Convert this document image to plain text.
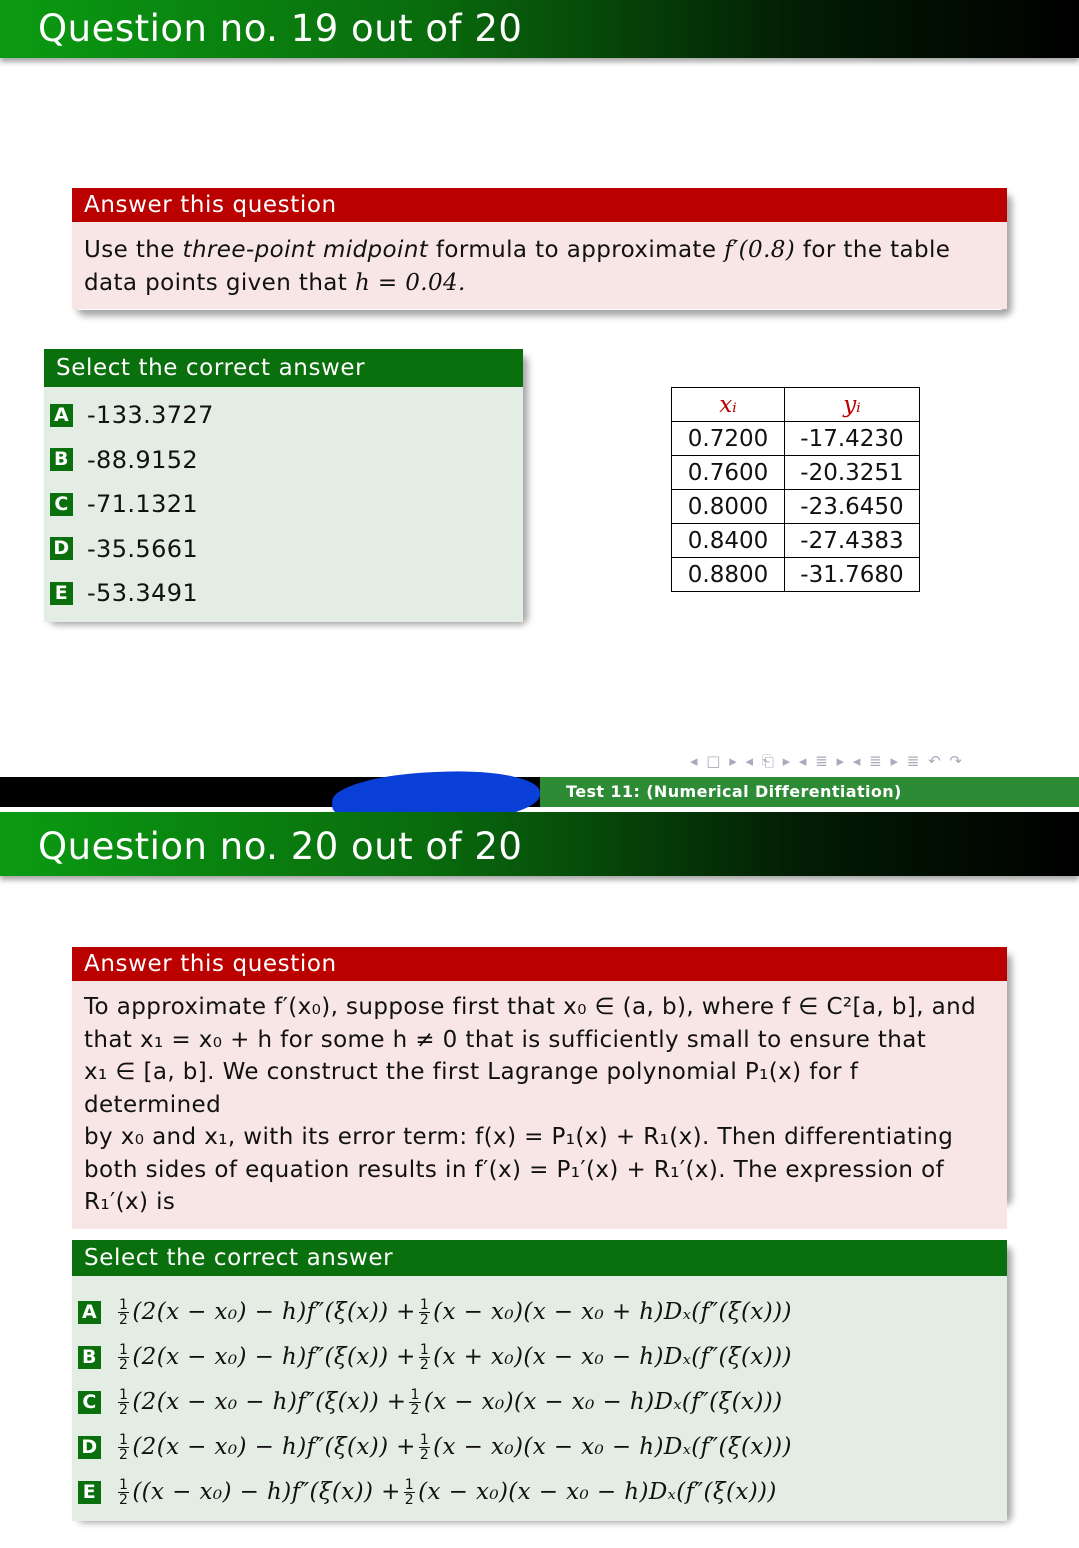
Question no. 19 out of 20
Answer this question
Use the three-point midpoint formula to approximate f′(0.8) for the table data points given that h = 0.04.
Select the correct answer
A -133.3727
B -88.9152
C -71.1321
D -35.5661
E -53.3491
xᵢ	yᵢ
0.7200	-17.4230
0.7600	-20.3251
0.8000	-23.6450
0.8400	-27.4383
0.8800	-31.7680
◂ □ ▸ ◂ ⎗ ▸ ◂ ≣ ▸ ◂ ≣ ▸ ≣ ↶ ↷
Test 11: (Numerical Differentiation)
Question no. 20 out of 20
Answer this question
To approximate f′(x₀), suppose first that x₀ ∈ (a, b), where f ∈ C²[a, b], and
that x₁ = x₀ + h for some h ≠ 0 that is sufficiently small to ensure that
x₁ ∈ [a, b]. We construct the first Lagrange polynomial P₁(x) for f determined
by x₀ and x₁, with its error term: f(x) = P₁(x) + R₁(x). Then differentiating
both sides of equation results in f′(x) = P₁′(x) + R₁′(x). The expression of
R₁′(x) is
Select the correct answer
A $\frac{1}{2} (2(x - x_0) - h)f''(\xi(x)) + \frac{1}{2} (x - x_0)(x - x_0 + h)D_x(f''(\xi(x)))$
B $\frac{1}{2} (2(x - x_0) - h)f''(\xi(x)) + \frac{1}{2} (x + x_0)(x - x_0 - h)D_x(f''(\xi(x)))$
C	$\frac{1}{2} (2(x - x_0 - h)f''(\xi(x)) + \frac{1}{2} (x - x_0)(x - x_0 - h)D_x(f''(\xi(x)))$
D $\frac{1}{2} (2(x - x_0) - h)f''(\xi(x)) + \frac{1}{2} (x - x_0)(x - x_0 - h)D_x(f''(\xi(x)))$
E	$\frac{1}{2} ((x - x_0) - h)f''(\xi(x)) + \frac{1}{2} (x - x_0)(x - x_0 - h)D_x(f''(\xi(x)))$
